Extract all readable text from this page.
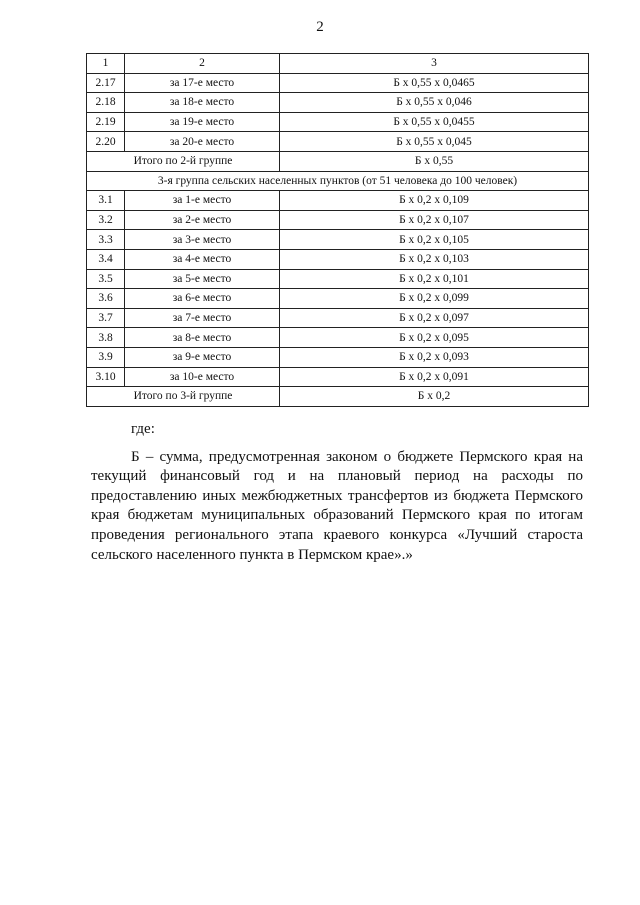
2
1	2	3
2.17	за 17-е место	Б х 0,55 х 0,0465
2.18	за 18-е место	Б х 0,55 х 0,046
2.19	за 19-е место	Б х 0,55 х 0,0455
2.20	за 20-е место	Б х 0,55 х 0,045
Итого по 2-й группе		Б х 0,55
3-я группа сельских населенных пунктов (от 51 человека до 100 человек)		
3.1	за 1-е место	Б х 0,2 х 0,109
3.2	за 2-е место	Б х 0,2 х 0,107
3.3	за 3-е место	Б х 0,2 х 0,105
3.4	за 4-е место	Б х 0,2 х 0,103
3.5	за 5-е место	Б х 0,2 х 0,101
3.6	за 6-е место	Б х 0,2 х 0,099
3.7	за 7-е место	Б х 0,2 х 0,097
3.8	за 8-е место	Б х 0,2 х 0,095
3.9	за 9-е место	Б х 0,2 х 0,093
3.10	за 10-е место	Б х 0,2 х 0,091
Итого по 3-й группе		Б х 0,2

где:

Б – сумма, предусмотренная законом о бюджете Пермского края на текущий финансовый год и на плановый период на расходы по предоставлению иных межбюджетных трансфертов из бюджета Пермского края бюджетам муниципальных образований Пермского края по итогам проведения регионального этапа краевого конкурса «Лучший староста сельского населенного пункта в Пермском крае».»
